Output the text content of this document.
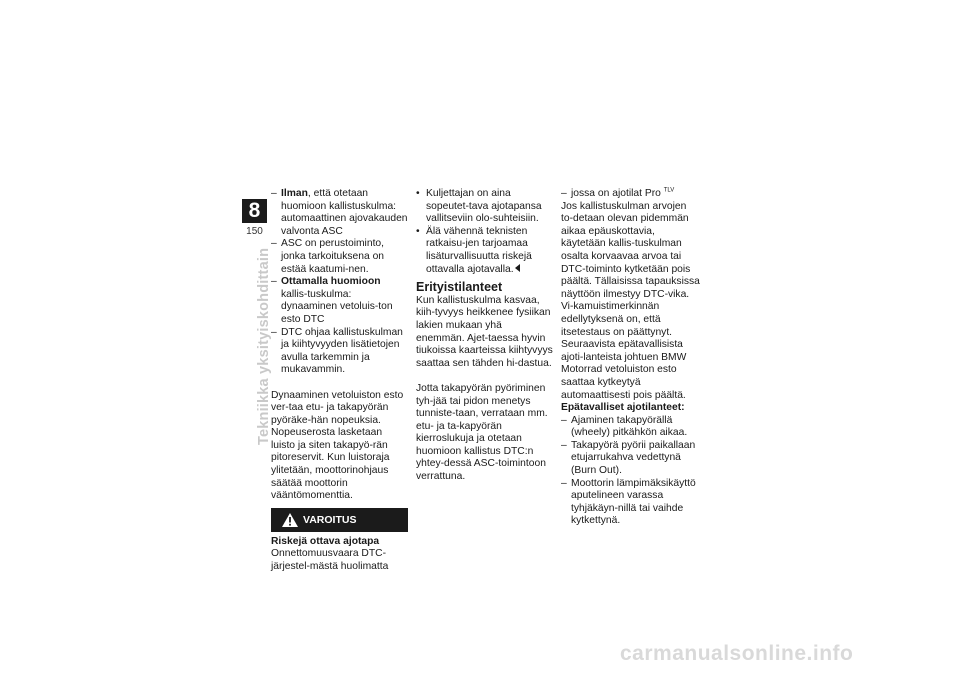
8
150
Tekniikka yksityiskohdittain

– Ilman, että otetaan huomioon kallistuskulma: automaattinen ajovakauden valvonta ASC

– ASC on perustoiminto, jonka tarkoituksena on estää kaatumi-nen.

– Ottamalla huomioon kallis-tuskulma: dynaaminen vetoluis-ton esto DTC

– DTC ohjaa kallistuskulman ja kiihtyvyyden lisätietojen avulla tarkemmin ja mukavammin.

Dynaaminen vetoluiston esto ver-taa etu- ja takapyörän pyöräke-hän nopeuksia. Nopeuserosta lasketaan luisto ja siten takapyö-rän pitoreservit. Kun luistoraja ylitetään, moottorinohjaus säätää moottorin vääntömomenttia.

VAROITUS

Riskejä ottava ajotapa

Onnettomuusvaara DTC-järjestel-mästä huolimatta

• Kuljettajan on aina sopeutet-tava ajotapansa vallitseviin olo-suhteisiin.

• Älä vähennä teknisten ratkaisu-jen tarjoamaa lisäturvallisuutta riskejä ottavalla ajotavalla.

Erityistilanteet

Kun kallistuskulma kasvaa, kiih-tyvyys heikkenee fysiikan lakien mukaan yhä enemmän. Ajet-taessa hyvin tiukoissa kaarteissa kiihtyvyys saattaa sen tähden hi-dastua.

Jotta takapyörän pyöriminen tyh-jää tai pidon menetys tunniste-taan, verrataan mm. etu- ja ta-kapyörän kierroslukuja ja otetaan huomioon kallistus DTC:n yhtey-dessä ASC-toimintoon verrattuna.

– jossa on ajotilat Pro $^{TLV}$

Jos kallistuskulman arvojen to-detaan olevan pidemmän aikaa epäuskottavia, käytetään kallis-tuskulman osalta korvaavaa arvoa tai DTC-toiminto kytketään pois päältä. Tällaisissa tapauksissa näyttöön ilmestyy DTC-vika. Vi-kamuistimerkinnän edellytyksenä on, että itsetestaus on päättynyt. Seuraavista epätavallisista ajoti-lanteista johtuen BMW Motorrad vetoluiston esto saattaa kytkeytyä automaattisesti pois päältä.

Epätavalliset ajotilanteet:

– Ajaminen takapyörällä (wheely) pitkähkön aikaa.

– Takapyörä pyörii paikallaan etujarrukahva vedettynä (Burn Out).

– Moottorin lämpimäksikäyttö aputelineen varassa tyhjäkäyn-nillä tai vaihde kytkettynä.

carmanualsonline.info
